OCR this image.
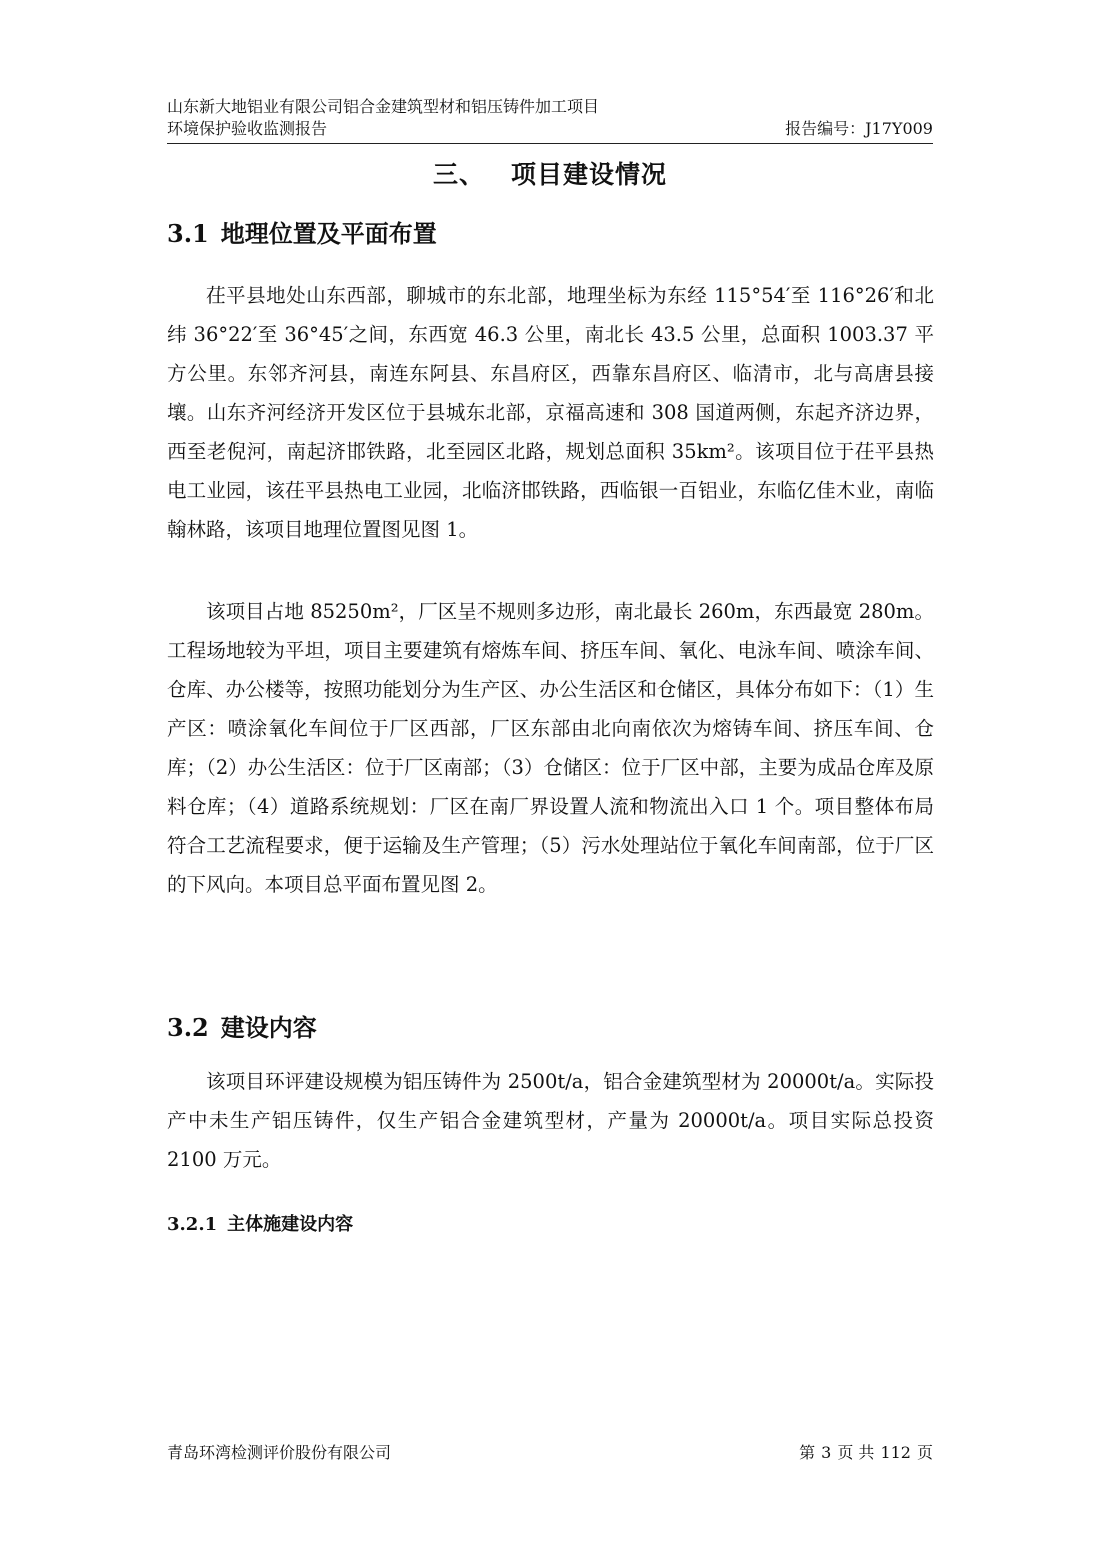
山东新大地铝业有限公司铝合金建筑型材和铝压铸件加工项目
环境保护验收监测报告	报告编号：J17Y009
三、 项目建设情况
3.1 地理位置及平面布置

茌平县地处山东西部，聊城市的东北部，地理坐标为东经 115°54′至 116°26′和北纬 36°22′至 36°45′之间，东西宽 46.3 公里，南北长 43.5 公里，总面积 1003.37 平方公里。东邻齐河县，南连东阿县、东昌府区，西靠东昌府区、临清市，北与高唐县接壤。山东齐河经济开发区位于县城东北部，京福高速和 308 国道两侧，东起齐济边界，西至老倪河，南起济邯铁路，北至园区北路，规划总面积 35km²。该项目位于茌平县热电工业园，该茌平县热电工业园，北临济邯铁路，西临银一百铝业，东临亿佳木业，南临翰林路，该项目地理位置图见图 1。

该项目占地 85250m²，厂区呈不规则多边形，南北最长 260m，东西最宽 280m。工程场地较为平坦，项目主要建筑有熔炼车间、挤压车间、氧化、电泳车间、喷涂车间、仓库、办公楼等，按照功能划分为生产区、办公生活区和仓储区，具体分布如下：（1）生产区：喷涂氧化车间位于厂区西部，厂区东部由北向南依次为熔铸车间、挤压车间、仓库；（2）办公生活区：位于厂区南部；（3）仓储区：位于厂区中部，主要为成品仓库及原料仓库；（4）道路系统规划：厂区在南厂界设置人流和物流出入口 1 个。项目整体布局符合工艺流程要求，便于运输及生产管理；（5）污水处理站位于氧化车间南部，位于厂区的下风向。本项目总平面布置见图 2。

3.2 建设内容

该项目环评建设规模为铝压铸件为 2500t/a，铝合金建筑型材为 20000t/a。实际投产中未生产铝压铸件，仅生产铝合金建筑型材，产量为 20000t/a。项目实际总投资 2100 万元。

3.2.1 主体施建设内容
青岛环湾检测评价股份有限公司	第 3 页 共 112 页
